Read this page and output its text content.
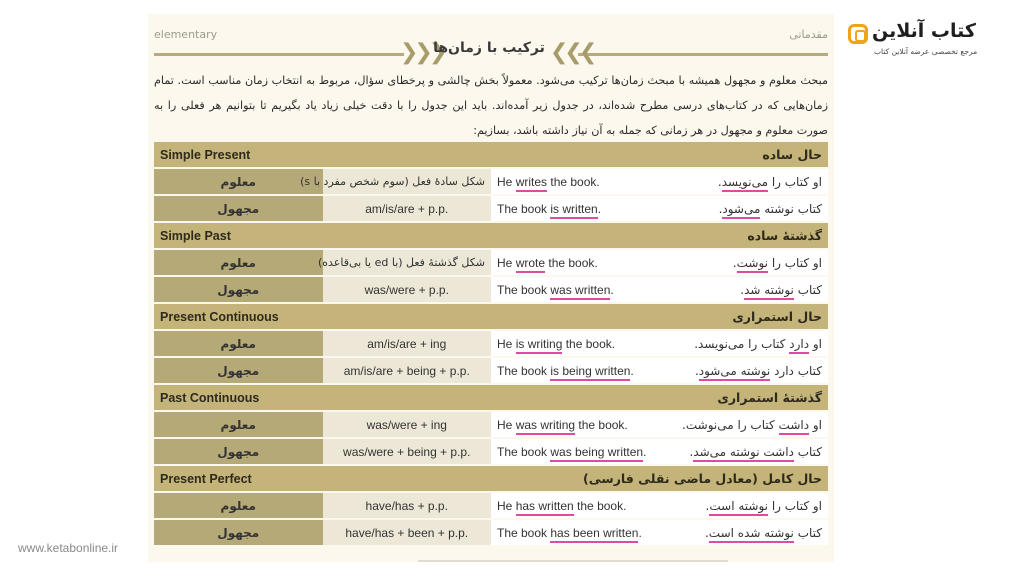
elementary	مقدماتی
❯❯❯
ترکیب با زمان‌ها ❮❮❮
مبحث معلوم و مجهول همیشه با مبحث زمان‌ها ترکیب می‌شود. معمولاً بخش چالشی و پرخطای سؤال، مربوط به انتخاب زمان مناسب است. تمام زمان‌هایی که در کتاب‌های درسی مطرح شده‌اند، در جدول زیر آمده‌اند. باید این جدول را با دقت خیلی زیاد یاد بگیریم تا بتوانیم هر فعلی را به صورت معلوم و مجهول در هر زمانی که جمله به آن نیاز داشته باشد، بسازیم:
Simple Present			حال ساده
معلوم	شکل سادهٔ فعل (سوم شخص مفرد با s)	He writes the book.	او کتاب را می‌نویسد.
مجهول	am/is/are + p.p.	The book is written.	کتاب نوشته می‌شود.
Simple Past			گذشتهٔ ساده
معلوم	شکل گذشتهٔ فعل (با ed یا بی‌قاعده)	He wrote the book.	او کتاب را نوشت.
مجهول	was/were + p.p.	The book was written.	کتاب نوشته شد.
Present Continuous			حال استمراری
معلوم	am/is/are + ing	He is writing the book.	او دارد کتاب را می‌نویسد.
مجهول	am/is/are + being + p.p.	The book is being written.	کتاب دارد نوشته می‌شود.
Past Continuous			گذشتهٔ استمراری
معلوم	was/were + ing	He was writing the book.	او داشت کتاب را می‌نوشت.
مجهول	was/were + being + p.p.	The book was being written.	کتاب داشت نوشته می‌شد.
Present Perfect			حال کامل (معادل ماضی نقلی فارسی)
معلوم	have/has + p.p.	He has written the book.	او کتاب را نوشته است.
مجهول	have/has + been + p.p.	The book has been written.	کتاب نوشته شده است.
کتاب آنلاین
مرجع تخصصی عرضه آنلاین کتاب
www.ketabonline.ir
